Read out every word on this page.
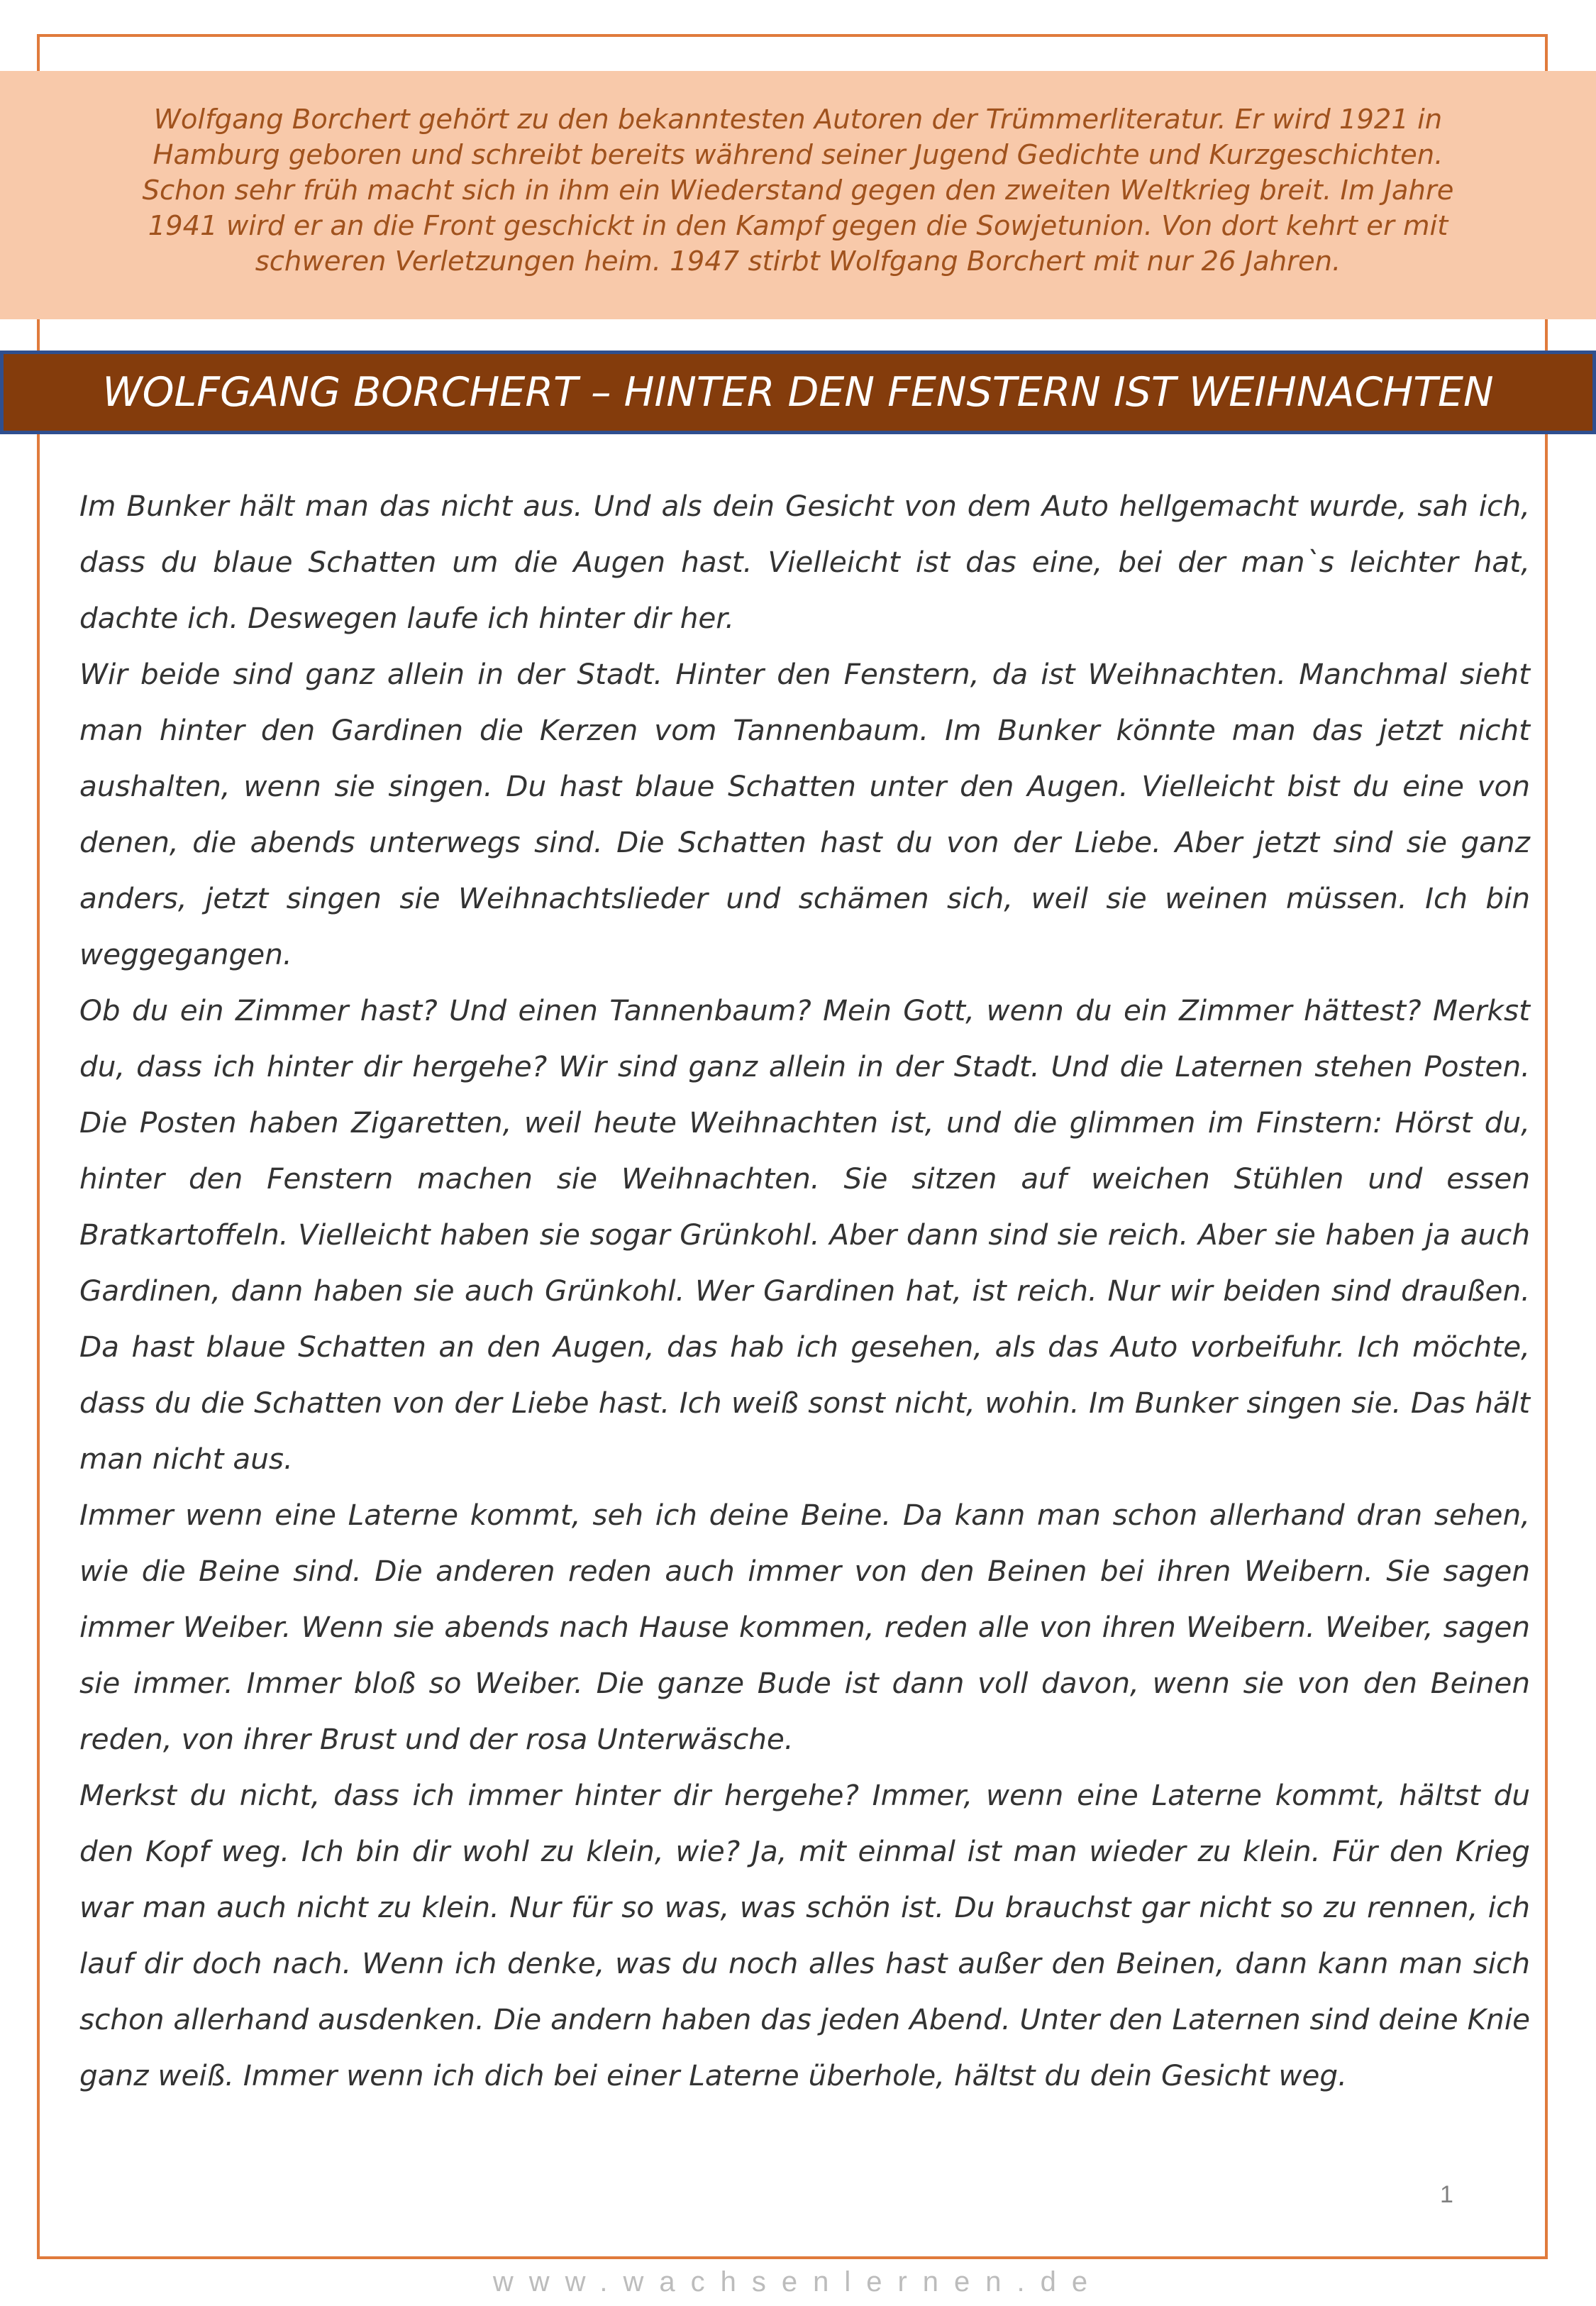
Wolfgang Borchert gehört zu den bekanntesten Autoren der Trümmerliteratur. Er wird 1921 in Hamburg geboren und schreibt bereits während seiner Jugend Gedichte und Kurzgeschichten. Schon sehr früh macht sich in ihm ein Wiederstand gegen den zweiten Weltkrieg breit. Im Jahre 1941 wird er an die Front geschickt in den Kampf gegen die Sowjetunion. Von dort kehrt er mit schweren Verletzungen heim. 1947 stirbt Wolfgang Borchert mit nur 26 Jahren.
WOLFGANG BORCHERT – HINTER DEN FENSTERN IST WEIHNACHTEN

Im Bunker hält man das nicht aus. Und als dein Gesicht von dem Auto hellgemacht wurde, sah ich, dass du blaue Schatten um die Augen hast. Vielleicht ist das eine, bei der man`s leichter hat, dachte ich. Deswegen laufe ich hinter dir her.

Wir beide sind ganz allein in der Stadt. Hinter den Fenstern, da ist Weihnachten. Manchmal sieht man hinter den Gardinen die Kerzen vom Tannenbaum. Im Bunker könnte man das jetzt nicht aushalten, wenn sie singen. Du hast blaue Schatten unter den Augen. Vielleicht bist du eine von denen, die abends unterwegs sind. Die Schatten hast du von der Liebe. Aber jetzt sind sie ganz anders, jetzt singen sie Weihnachtslieder und schämen sich, weil sie weinen müssen. Ich bin weggegangen.

Ob du ein Zimmer hast? Und einen Tannenbaum? Mein Gott, wenn du ein Zimmer hättest? Merkst du, dass ich hinter dir hergehe? Wir sind ganz allein in der Stadt. Und die Laternen stehen Posten. Die Posten haben Zigaretten, weil heute Weihnachten ist, und die glimmen im Finstern: Hörst du, hinter den Fenstern machen sie Weihnachten. Sie sitzen auf weichen Stühlen und essen Bratkartoffeln. Vielleicht haben sie sogar Grünkohl. Aber dann sind sie reich. Aber sie haben ja auch Gardinen, dann haben sie auch Grünkohl. Wer Gardinen hat, ist reich. Nur wir beiden sind draußen. Da hast blaue Schatten an den Augen, das hab ich gesehen, als das Auto vorbeifuhr. Ich möchte, dass du die Schatten von der Liebe hast. Ich weiß sonst nicht, wohin. Im Bunker singen sie. Das hält man nicht aus.

Immer wenn eine Laterne kommt, seh ich deine Beine. Da kann man schon allerhand dran sehen, wie die Beine sind. Die anderen reden auch immer von den Beinen bei ihren Weibern. Sie sagen immer Weiber. Wenn sie abends nach Hause kommen, reden alle von ihren Weibern. Weiber, sagen sie immer. Immer bloß so Weiber. Die ganze Bude ist dann voll davon, wenn sie von den Beinen reden, von ihrer Brust und der rosa Unterwäsche.

Merkst du nicht, dass ich immer hinter dir hergehe? Immer, wenn eine Laterne kommt, hältst du den Kopf weg. Ich bin dir wohl zu klein, wie? Ja, mit einmal ist man wieder zu klein. Für den Krieg war man auch nicht zu klein. Nur für so was, was schön ist. Du brauchst gar nicht so zu rennen, ich lauf dir doch nach. Wenn ich denke, was du noch alles hast außer den Beinen, dann kann man sich schon allerhand ausdenken. Die andern haben das jeden Abend. Unter den Laternen sind deine Knie ganz weiß. Immer wenn ich dich bei einer Laterne überhole, hältst du dein Gesicht weg.

1
www.wachsenlernen.de
